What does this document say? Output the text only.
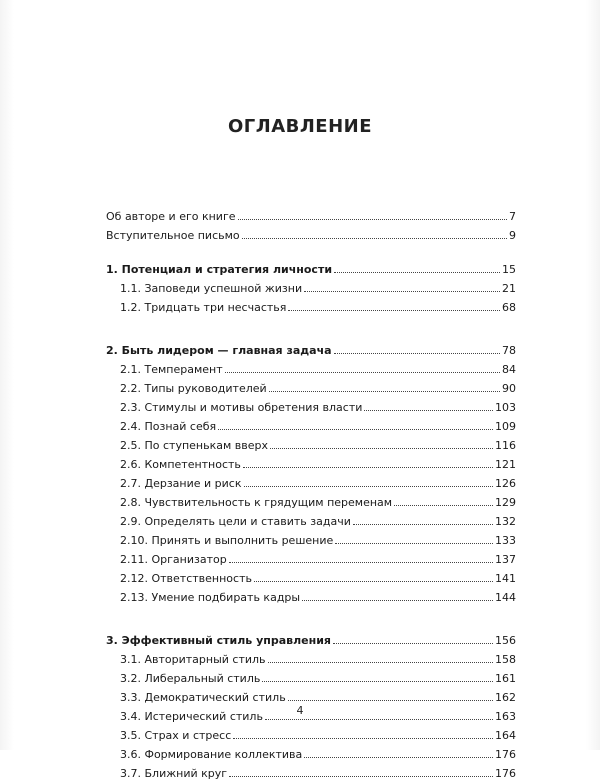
ОГЛАВЛЕНИЕ
Об авторе и его книге	7
Вступительное письмо	9
1. Потенциал и стратегия личности	15
1.1. Заповеди успешной жизни	21
1.2. Тридцать три несчастья	68
2. Быть лидером — главная задача	78
2.1. Темперамент	84
2.2. Типы руководителей	90
2.3. Стимулы и мотивы обретения власти	103
2.4. Познай себя	109
2.5. По ступенькам вверх	116
2.6. Компетентность	121
2.7. Дерзание и риск	126
2.8. Чувствительность к грядущим переменам	129
2.9. Определять цели и ставить задачи	132
2.10. Принять и выполнить решение	133
2.11. Организатор	137
2.12. Ответственность	141
2.13. Умение подбирать кадры	144
3. Эффективный стиль управления	156
3.1. Авторитарный стиль	158
3.2. Либеральный стиль	161
3.3. Демократический стиль	162
3.4. Истерический стиль	163
3.5. Страх и стресс	164
3.6. Формирование коллектива	176
3.7. Ближний круг	176
4
